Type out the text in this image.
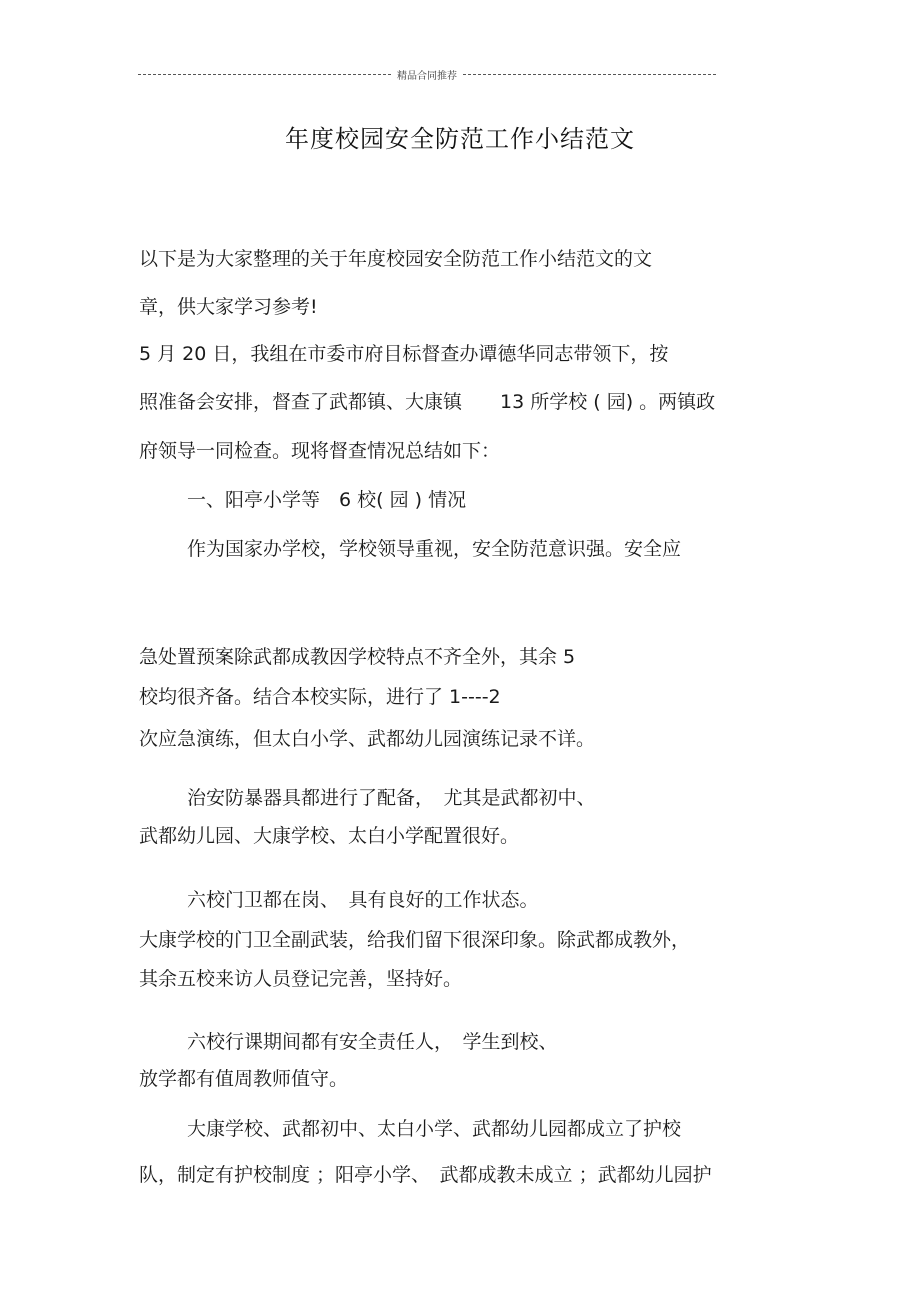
精品合同推荐
年度校园安全防范工作小结范文
以下是为大家整理的关于年度校园安全防范工作小结范文的文
章，供大家学习参考!
5 月 20 日，我组在市委市府目标督查办谭德华同志带领下，按
照准备会安排，督查了武都镇、大康镇　　13 所学校 ( 园) 。两镇政
府领导一同检查。现将督查情况总结如下：
一、阳亭小学等　6 校( 园 ) 情况
作为国家办学校，学校领导重视，安全防范意识强。安全应
急处置预案除武都成教因学校特点不齐全外，其余 5
校均很齐备。结合本校实际，进行了 1----2
次应急演练，但太白小学、武都幼儿园演练记录不详。
治安防暴器具都进行了配备，　尤其是武都初中、
武都幼儿园、大康学校、太白小学配置很好。
六校门卫都在岗、　具有良好的工作状态。
大康学校的门卫全副武装，给我们留下很深印象。除武都成教外，
其余五校来访人员登记完善，坚持好。
六校行课期间都有安全责任人，　学生到校、
放学都有值周教师值守。
大康学校、武都初中、太白小学、武都幼儿园都成立了护校
队，制定有护校制度 ；阳亭小学、　武都成教未成立 ；武都幼儿园护
